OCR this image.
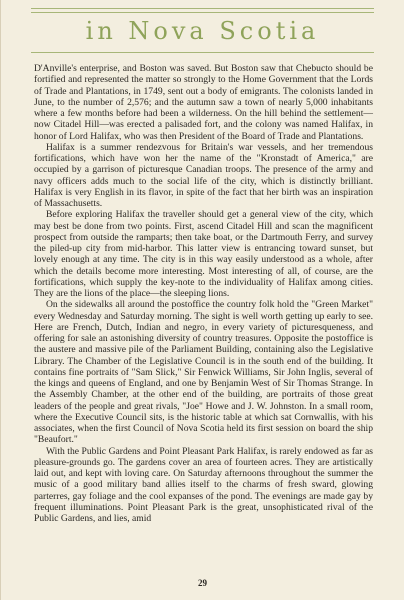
in Nova Scotia

D'Anville's enterprise, and Boston was saved. But Boston saw that Chebucto should be fortified and represented the matter so strongly to the Home Government that the Lords of Trade and Plantations, in 1749, sent out a body of emigrants. The colonists landed in June, to the number of 2,576; and the autumn saw a town of nearly 5,000 inhabitants where a few months before had been a wilderness. On the hill behind the settlement—now Citadel Hill—was erected a palisaded fort, and the colony was named Halifax, in honor of Lord Halifax, who was then President of the Board of Trade and Plantations.

Halifax is a summer rendezvous for Britain's war vessels, and her tremendous fortifications, which have won her the name of the "Kronstadt of America," are occupied by a garrison of picturesque Canadian troops. The presence of the army and navy officers adds much to the social life of the city, which is distinctly brilliant. Halifax is very English in its flavor, in spite of the fact that her birth was an inspiration of Massachusetts.

Before exploring Halifax the traveller should get a general view of the city, which may best be done from two points. First, ascend Citadel Hill and scan the magnificent prospect from outside the ramparts; then take boat, or the Dartmouth Ferry, and survey the piled-up city from mid-harbor. This latter view is entrancing toward sunset, but lovely enough at any time. The city is in this way easily understood as a whole, after which the details become more interesting. Most interesting of all, of course, are the fortifications, which supply the key-note to the individuality of Halifax among cities. They are the lions of the place—the sleeping lions.

On the sidewalks all around the postoffice the country folk hold the "Green Market" every Wednesday and Saturday morning. The sight is well worth getting up early to see. Here are French, Dutch, Indian and negro, in every variety of picturesqueness, and offering for sale an astonishing diversity of country treasures. Opposite the postoffice is the austere and massive pile of the Parliament Building, containing also the Legislative Library. The Chamber of the Legislative Council is in the south end of the building. It contains fine portraits of "Sam Slick," Sir Fenwick Williams, Sir John Inglis, several of the kings and queens of England, and one by Benjamin West of Sir Thomas Strange. In the Assembly Chamber, at the other end of the building, are portraits of those great leaders of the people and great rivals, "Joe" Howe and J. W. Johnston. In a small room, where the Executive Council sits, is the historic table at which sat Cornwallis, with his associates, when the first Council of Nova Scotia held its first session on board the ship "Beaufort."

With the Public Gardens and Point Pleasant Park Halifax, is rarely endowed as far as pleasure-grounds go. The gardens cover an area of fourteen acres. They are artistically laid out, and kept with loving care. On Saturday afternoons throughout the summer the music of a good military band allies itself to the charms of fresh sward, glowing parterres, gay foliage and the cool expanses of the pond. The evenings are made gay by frequent illuminations. Point Pleasant Park is the great, unsophisticated rival of the Public Gardens, and lies, amid

29
